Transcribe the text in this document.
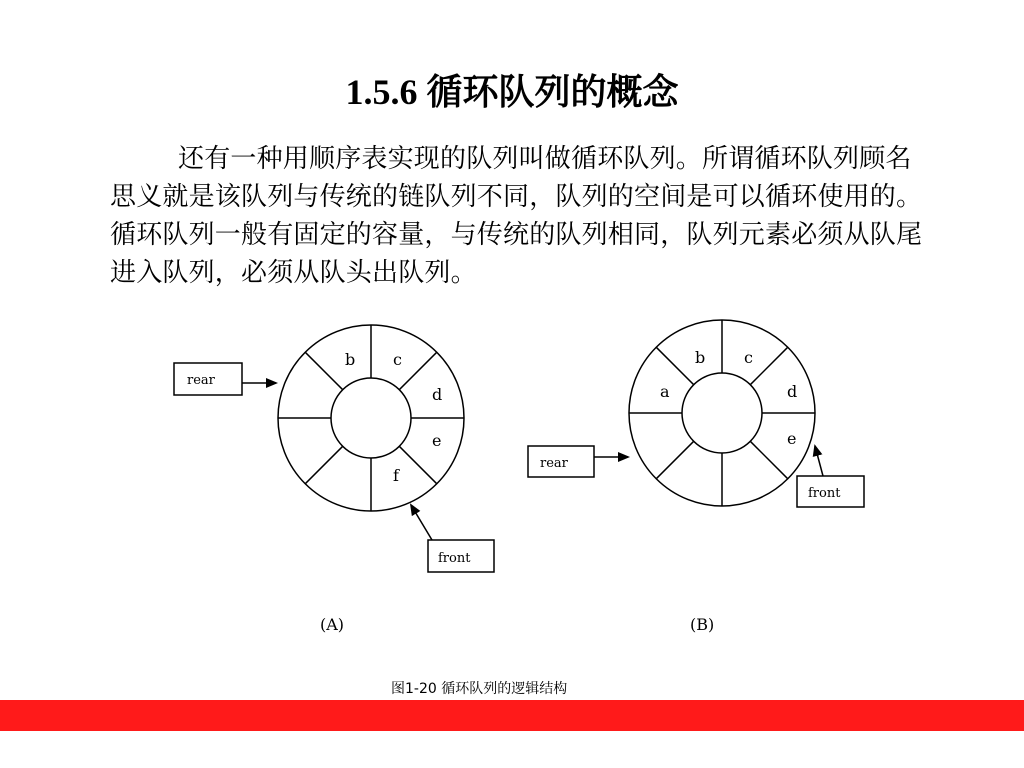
1.5.6 循环队列的概念

还有一种用顺序表实现的队列叫做循环队列。所谓循环队列顾名思义就是该队列与传统的链队列不同，队列的空间是可以循环使用的。循环队列一般有固定的容量，与传统的队列相同，队列元素必须从队尾进入队列，必须从队头出队列。

b c
d
e
f
rear
front
(A)
a
b c
d
e
rear
front
(B)
图1-20 循环队列的逻辑结构
